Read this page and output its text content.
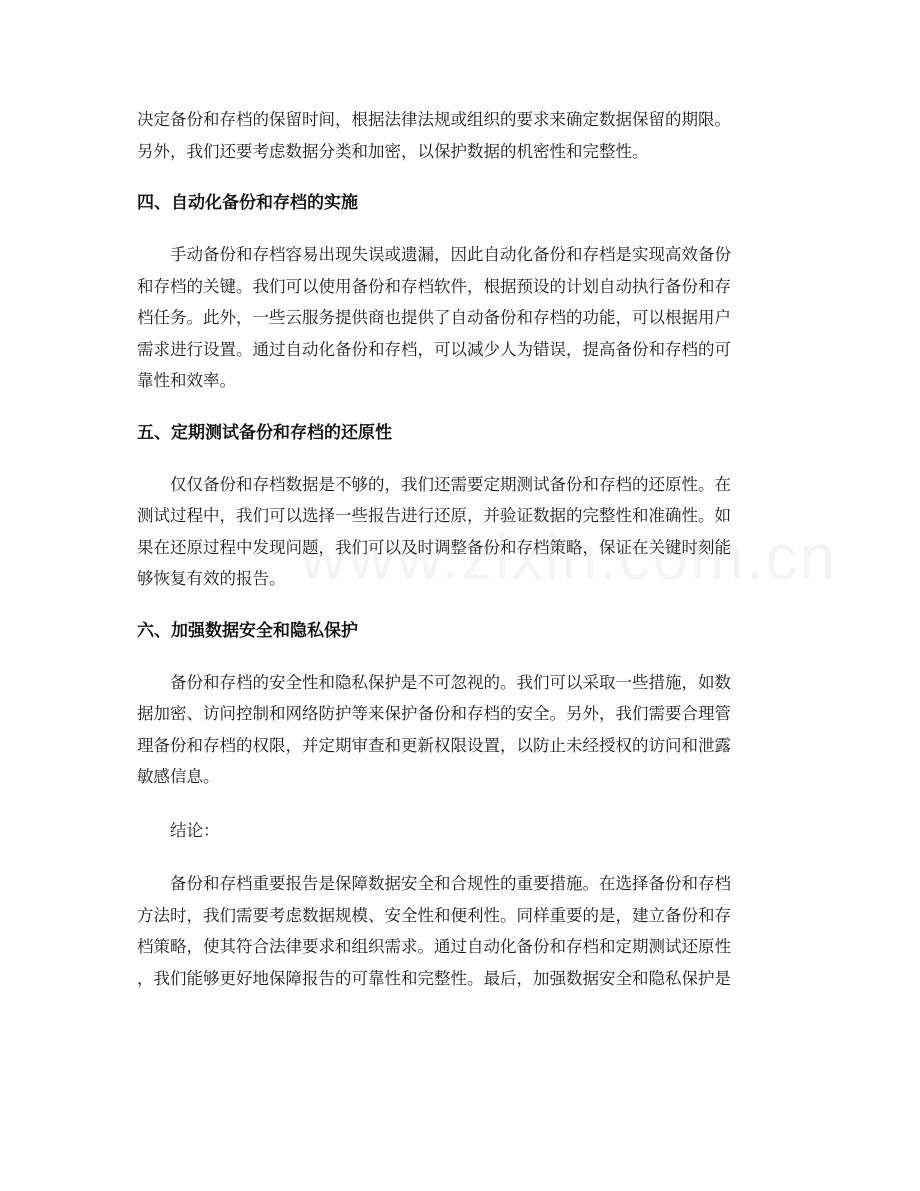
决定备份和存档的保留时间，根据法律法规或组织的要求来确定数据保留的期限。
另外，我们还要考虑数据分类和加密，以保护数据的机密性和完整性。

四、自动化备份和存档的实施

手动备份和存档容易出现失误或遗漏，因此自动化备份和存档是实现高效备份
和存档的关键。我们可以使用备份和存档软件，根据预设的计划自动执行备份和存
档任务。此外，一些云服务提供商也提供了自动备份和存档的功能，可以根据用户
需求进行设置。通过自动化备份和存档，可以减少人为错误，提高备份和存档的可
靠性和效率。

五、定期测试备份和存档的还原性

仅仅备份和存档数据是不够的，我们还需要定期测试备份和存档的还原性。在
测试过程中，我们可以选择一些报告进行还原，并验证数据的完整性和准确性。如
果在还原过程中发现问题，我们可以及时调整备份和存档策略，保证在关键时刻能
够恢复有效的报告。

六、加强数据安全和隐私保护

备份和存档的安全性和隐私保护是不可忽视的。我们可以采取一些措施，如数
据加密、访问控制和网络防护等来保护备份和存档的安全。另外，我们需要合理管
理备份和存档的权限，并定期审查和更新权限设置，以防止未经授权的访问和泄露
敏感信息。

结论：

备份和存档重要报告是保障数据安全和合规性的重要措施。在选择备份和存档
方法时，我们需要考虑数据规模、安全性和便利性。同样重要的是，建立备份和存
档策略，使其符合法律要求和组织需求。通过自动化备份和存档和定期测试还原性
，我们能够更好地保障报告的可靠性和完整性。最后，加强数据安全和隐私保护是
